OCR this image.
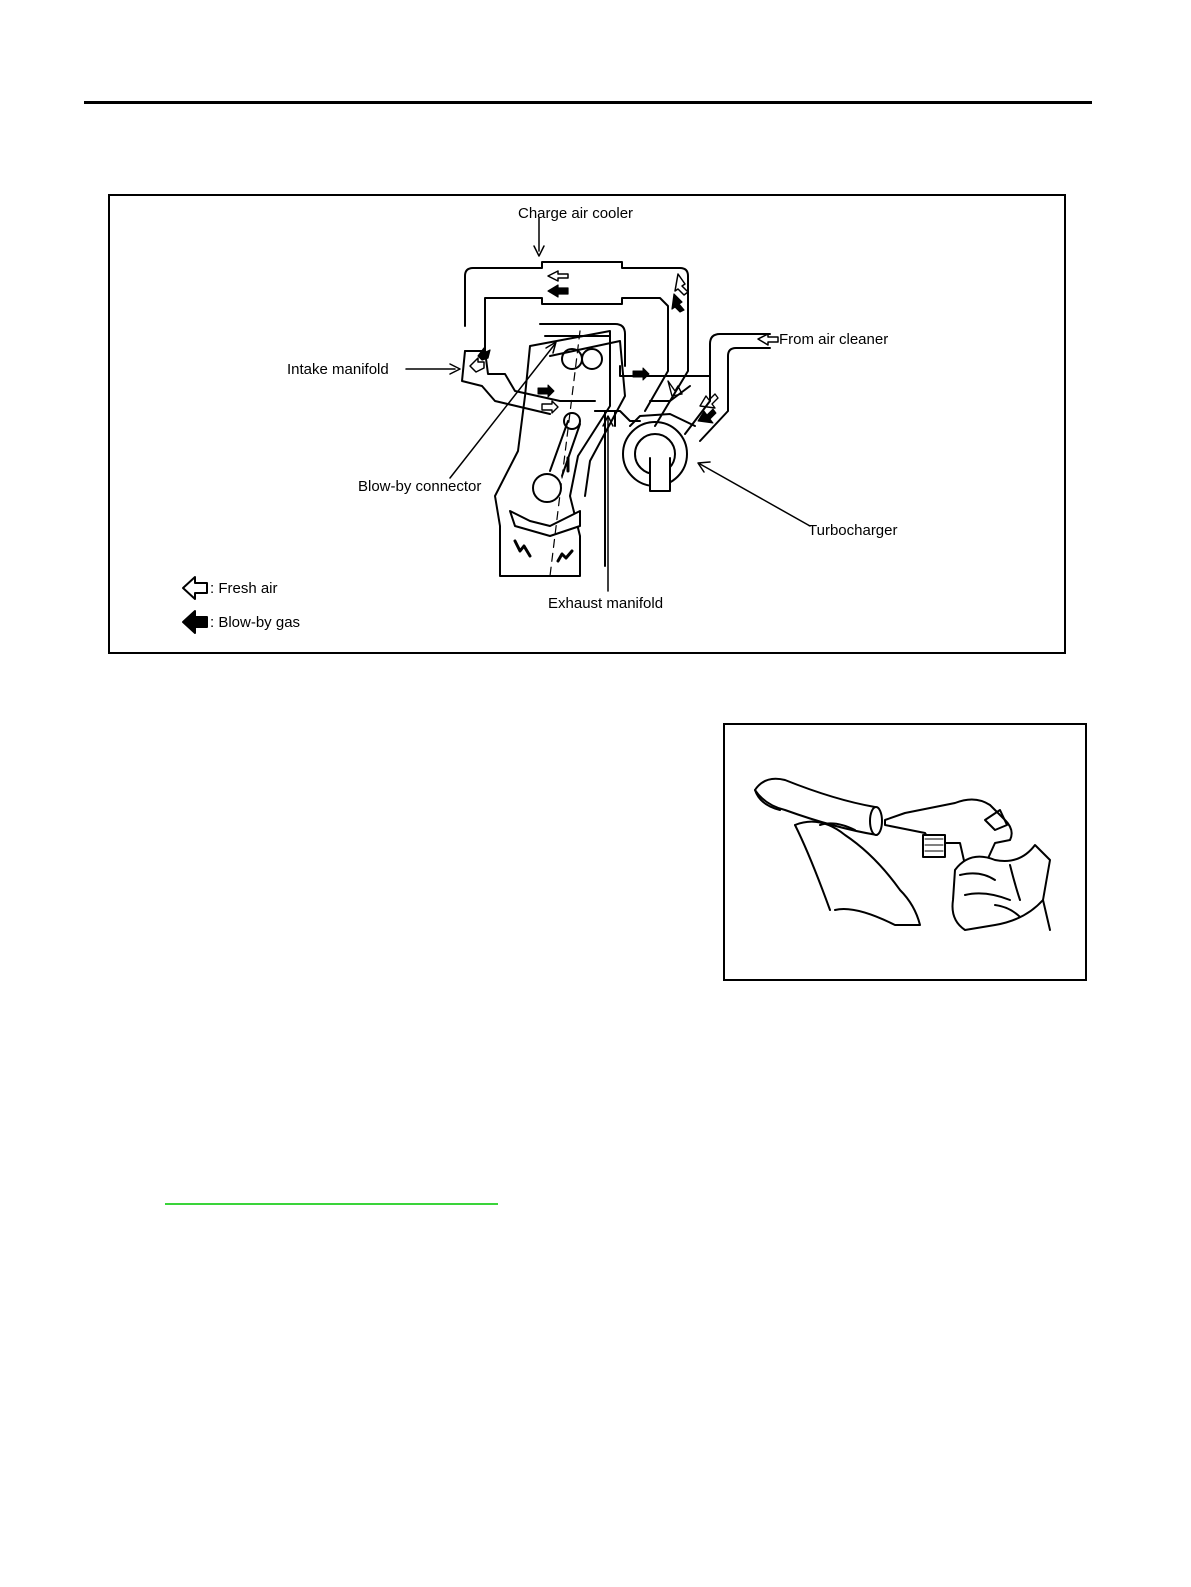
Charge air cooler
From air cleaner
Intake manifold
Blow-by connector
Turbocharger
Exhaust manifold
: Fresh air
: Blow-by gas
